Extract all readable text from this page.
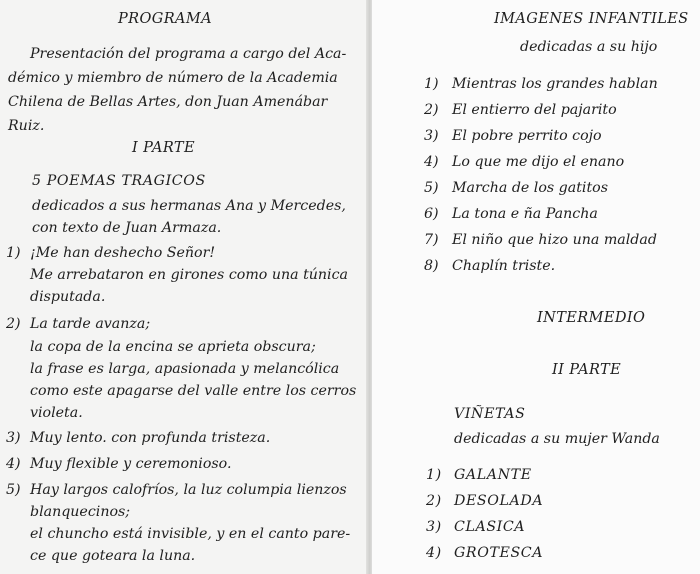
PROGRAMA
Presentación del programa a cargo del Aca-
démico y miembro de número de la Academia
Chilena de Bellas Artes, don Juan Amenábar
Ruiz.
I PARTE
5 POEMAS TRAGICOS
dedicados a sus hermanas Ana y Mercedes,
con texto de Juan Armaza.
1) ¡Me han deshecho Señor!
Me arrebataron en girones como una túnica
disputada.
2) La tarde avanza;
la copa de la encina se aprieta obscura;
la frase es larga, apasionada y melancólica
como este apagarse del valle entre los cerros
violeta.
3) Muy lento. con profunda tristeza.
4) Muy flexible y ceremonioso.
5) Hay largos calofríos, la luz columpia lienzos
blanquecinos;
el chuncho está invisible, y en el canto pare-
ce que goteara la luna.
IMAGENES INFANTILES
dedicadas a su hijo
1) Mientras los grandes hablan
2) El entierro del pajarito
3) El pobre perrito cojo
4) Lo que me dijo el enano
5) Marcha de los gatitos
6) La tona e ña Pancha
7) El niño que hizo una maldad
8) Chaplín triste.
INTERMEDIO
II PARTE
VIÑETAS
dedicadas a su mujer Wanda
1) GALANTE
2) DESOLADA
3) CLASICA
4) GROTESCA
